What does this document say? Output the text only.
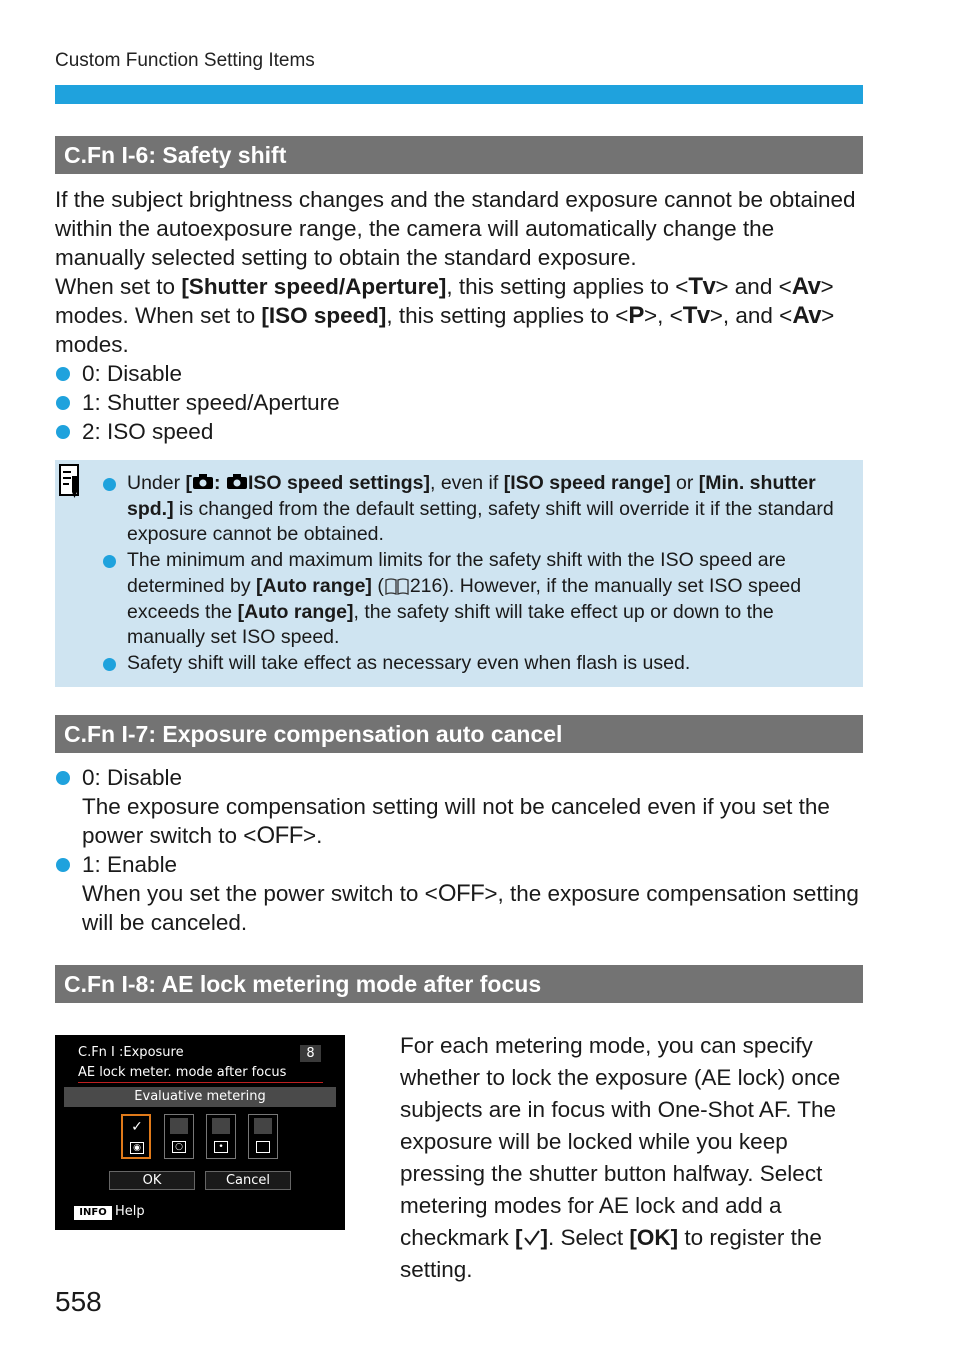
Custom Function Setting Items
C.Fn I-6: Safety shift

If the subject brightness changes and the standard exposure cannot be obtained within the autoexposure range, the camera will automatically change the manually selected setting to obtain the standard exposure.

When set to [Shutter speed/Aperture], this setting applies to <Tv> and <Av> modes. When set to [ISO speed], this setting applies to <P>, <Tv>, and <Av> modes.

0: Disable
1: Shutter speed/Aperture
2: ISO speed
Under [ : ISO speed settings], even if [ISO speed range] or [Min. shutter spd.] is changed from the default setting, safety shift will override it if the standard exposure cannot be obtained.
The minimum and maximum limits for the safety shift with the ISO speed are determined by [Auto range] ( 216). However, if the manually set ISO speed exceeds the [Auto range], the safety shift will take effect up or down to the manually set ISO speed.
Safety shift will take effect as necessary even when flash is used.
C.Fn I-7: Exposure compensation auto cancel
0: Disable
The exposure compensation setting will not be canceled even if you set the power switch to <OFF>.
1: Enable
When you set the power switch to <OFF>, the exposure compensation setting will be canceled.
C.Fn I-8: AE lock metering mode after focus
C.Fn I :Exposure	8
AE lock meter. mode after focus
Evaluative metering
✓
◉	○	•
OK	Cancel
INFO Help

For each metering mode, you can specify whether to lock the exposure (AE lock) once subjects are in focus with One-Shot AF. The exposure will be locked while you keep pressing the shutter button halfway. Select metering modes for AE lock and add a checkmark [ ]. Select [OK] to register the setting.

558
